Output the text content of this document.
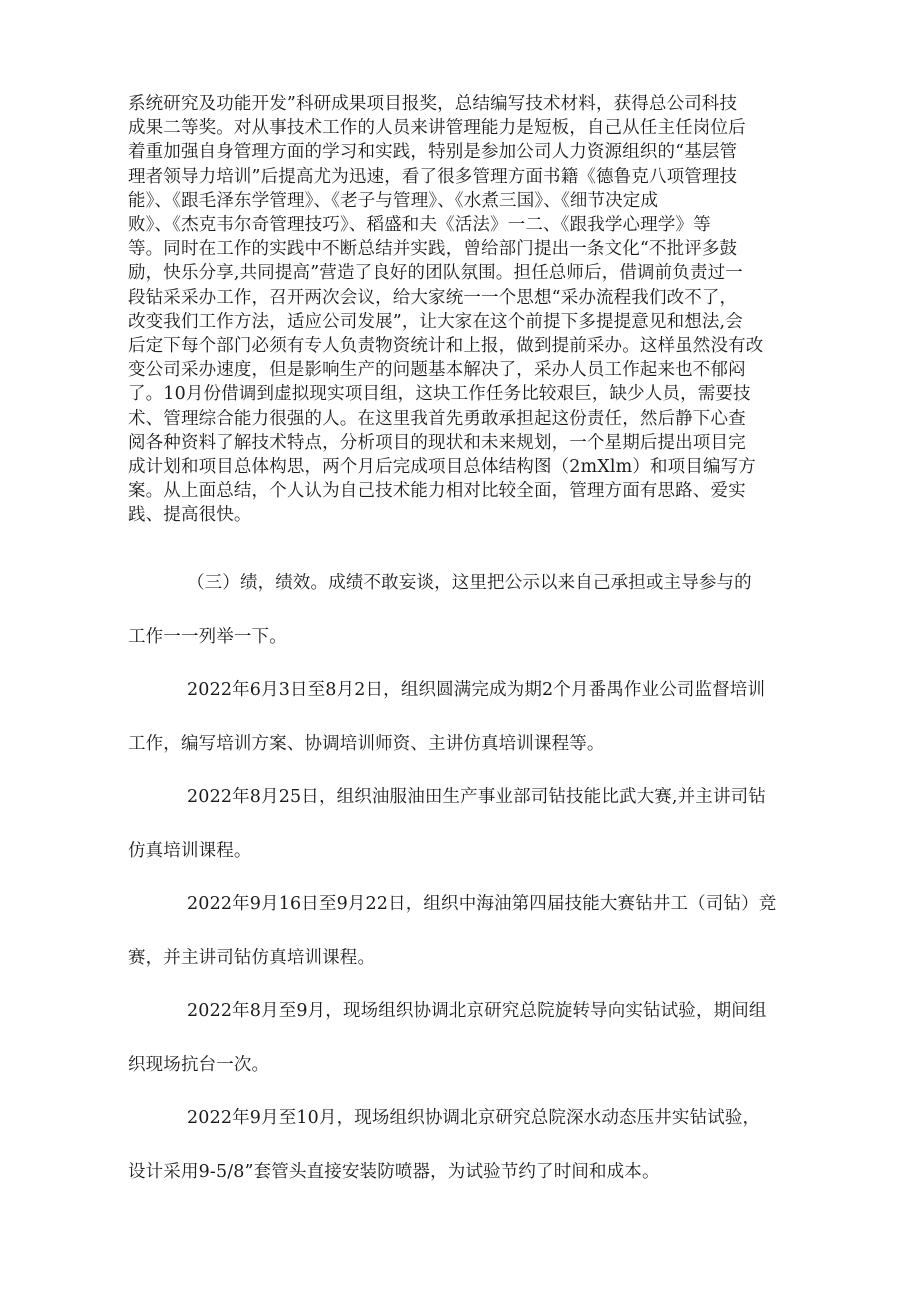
系统研究及功能开发”科研成果项目报奖，总结编写技术材料，获得总公司科技
成果二等奖。对从事技术工作的人员来讲管理能力是短板，自己从任主任岗位后
着重加强自身管理方面的学习和实践，特别是参加公司人力资源组织的“基层管
理者领导力培训”后提高尤为迅速，看了很多管理方面书籍《德鲁克八项管理技
能》、《跟毛泽东学管理》、《老子与管理》、《水煮三国》、《细节决定成
败》、《杰克韦尔奇管理技巧》、稻盛和夫《活法》一二、《跟我学心理学》等
等。同时在工作的实践中不断总结并实践，曾给部门提出一条文化“不批评多鼓
励，快乐分享,共同提高”营造了良好的团队氛围。担任总师后，借调前负责过一
段钻采采办工作，召开两次会议，给大家统一一个思想“采办流程我们改不了，
改变我们工作方法，适应公司发展”，让大家在这个前提下多提提意见和想法,会
后定下每个部门必须有专人负责物资统计和上报，做到提前采办。这样虽然没有改
变公司采办速度，但是影响生产的问题基本解决了，采办人员工作起来也不郁闷
了。10月份借调到虚拟现实项目组，这块工作任务比较艰巨，缺少人员，需要技
术、管理综合能力很强的人。在这里我首先勇敢承担起这份责任，然后静下心查
阅各种资料了解技术特点，分析项目的现状和未来规划，一个星期后提出项目完
成计划和项目总体构思，两个月后完成项目总体结构图（2mXlm）和项目编写方
案。从上面总结，个人认为自己技术能力相对比较全面，管理方面有思路、爱实
践、提高很快。

（三）绩，绩效。成绩不敢妄谈，这里把公示以来自己承担或主导参与的
工作一一列举一下。
2022年6月3日至8月2日，组织圆满完成为期2个月番禺作业公司监督培训
工作，编写培训方案、协调培训师资、主讲仿真培训课程等。
2022年8月25日，组织油服油田生产事业部司钻技能比武大赛,并主讲司钻
仿真培训课程。
2022年9月16日至9月22日，组织中海油第四届技能大赛钻井工（司钻）竞
赛，并主讲司钻仿真培训课程。
2022年8月至9月，现场组织协调北京研究总院旋转导向实钻试验，期间组
织现场抗台一次。
2022年9月至10月，现场组织协调北京研究总院深水动态压井实钻试验，
设计采用9-5/8”套管头直接安装防喷器，为试验节约了时间和成本。
